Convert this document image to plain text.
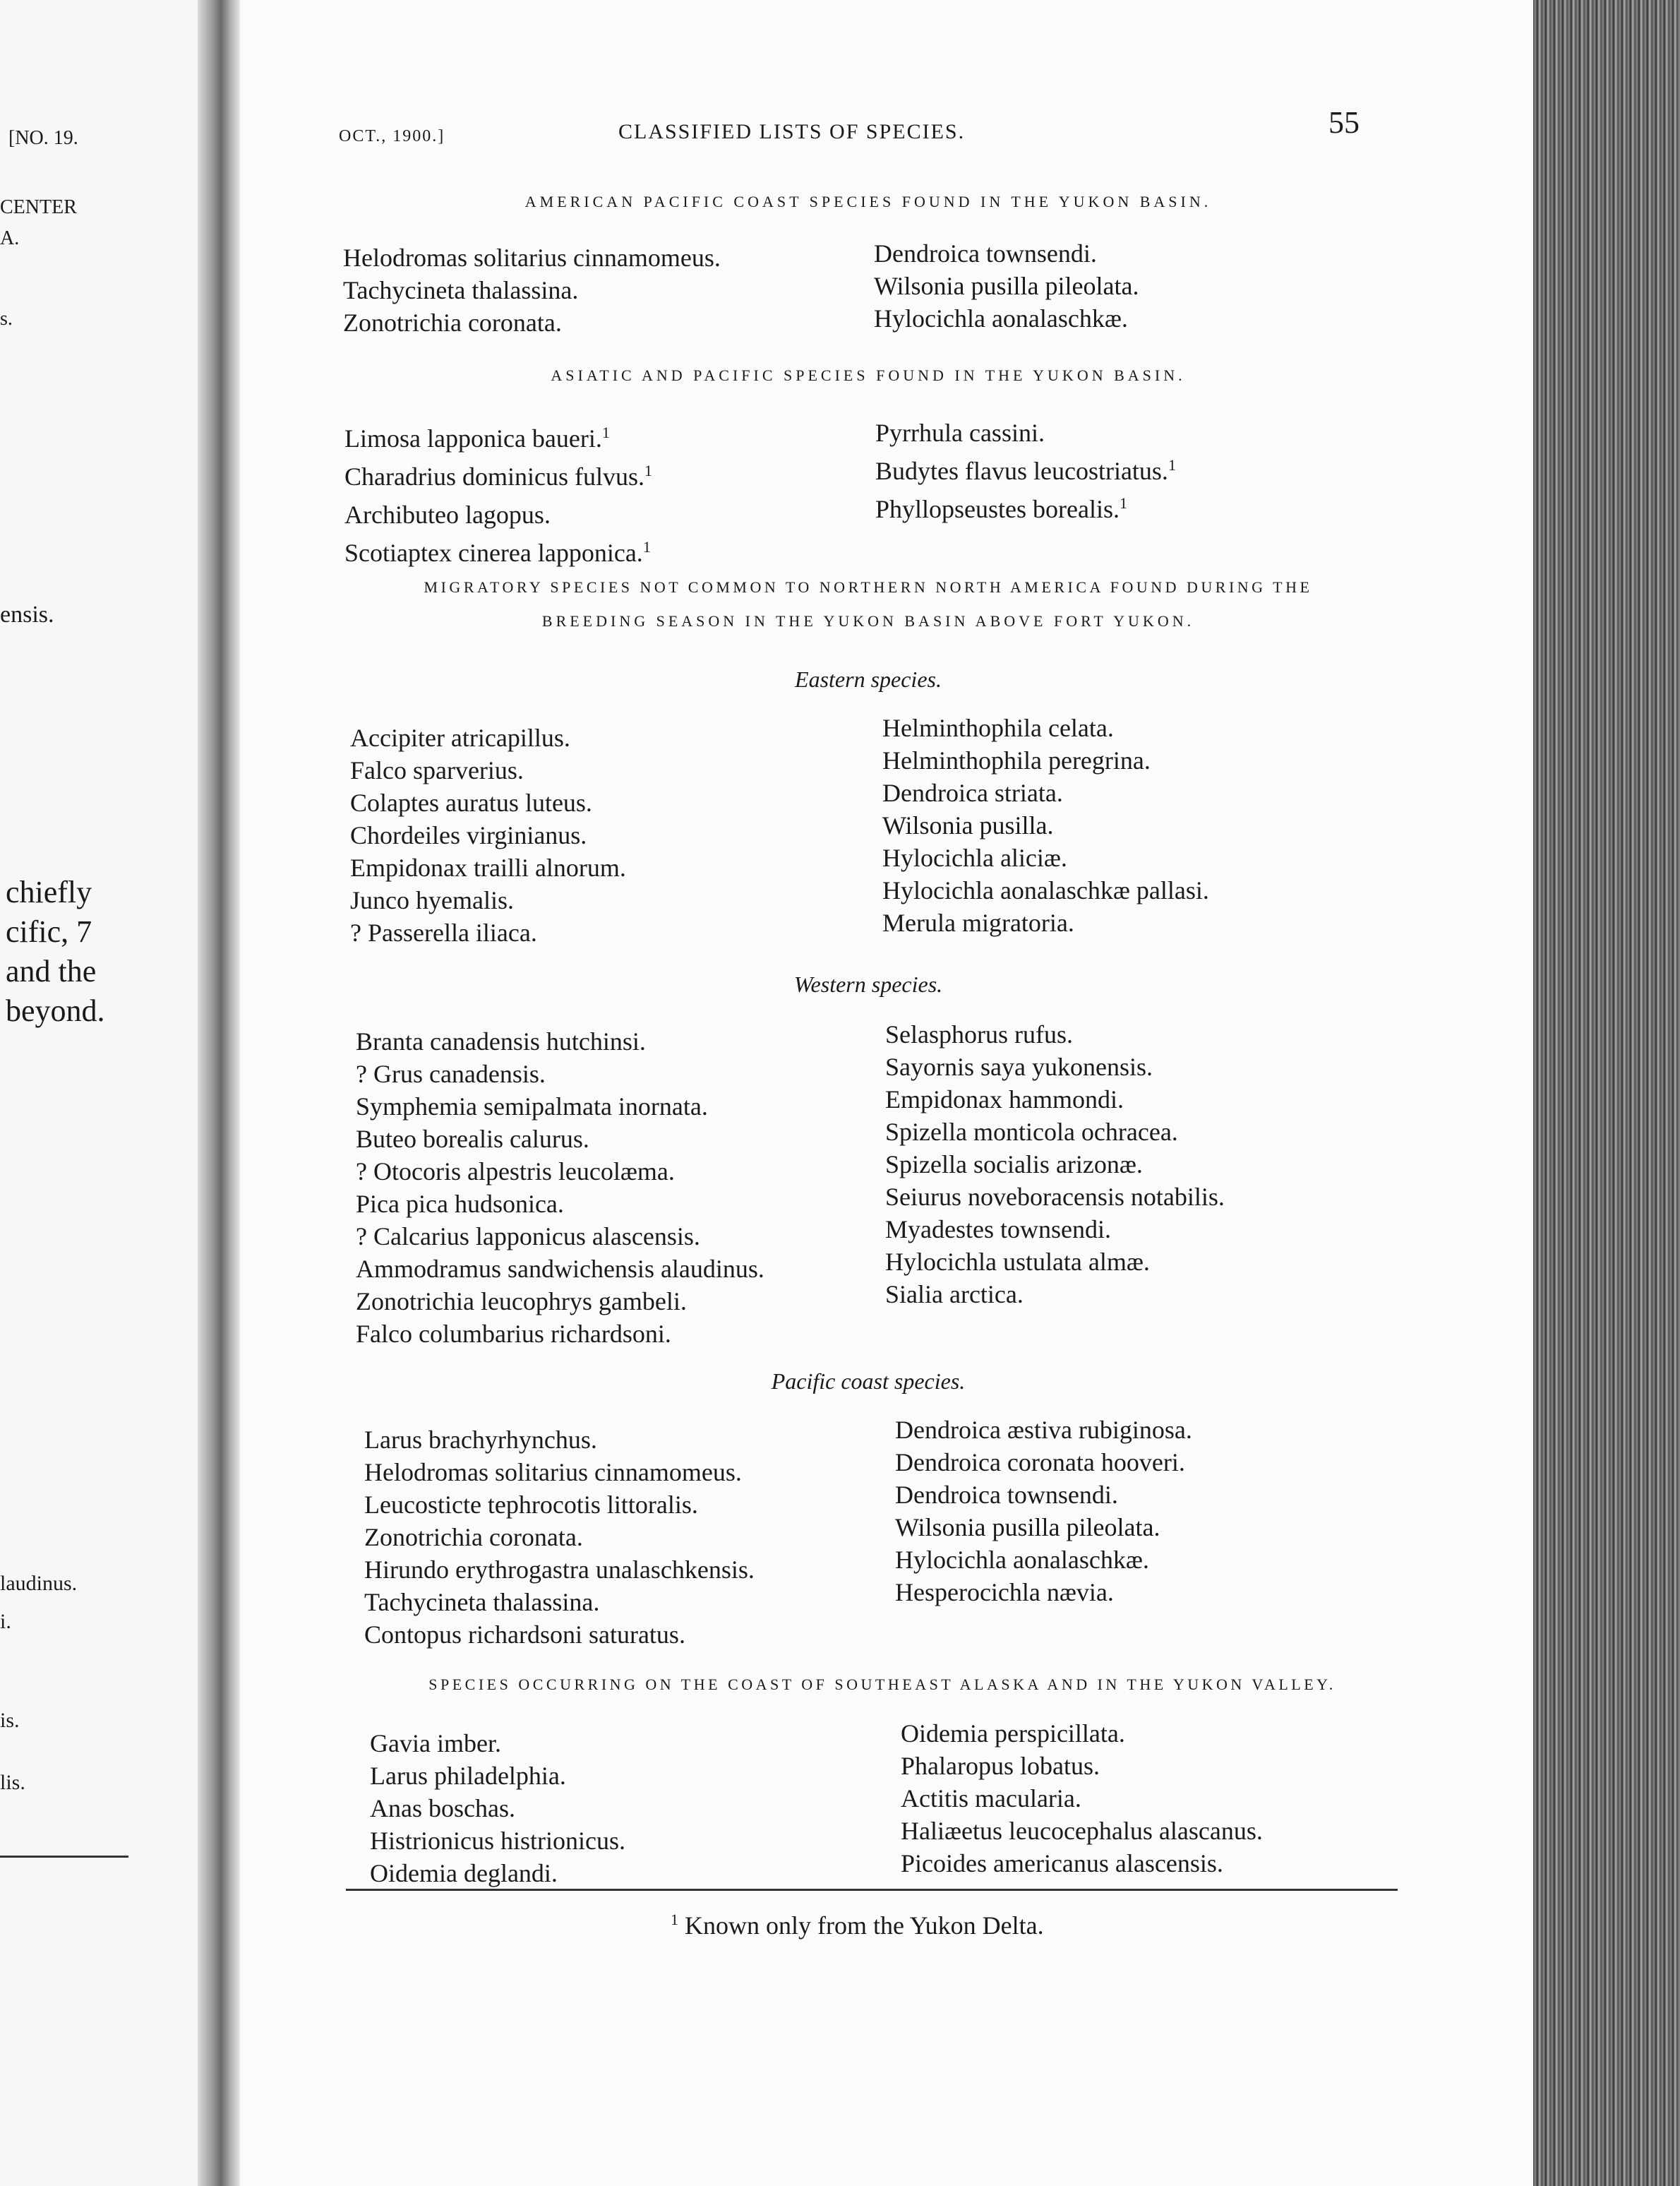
[NO. 19.
CENTER
A.
s.
ensis.
chiefly
cific, 7
and the
beyond.
laudinus.
i.
is.
lis.
OCT., 1900.]	CLASSIFIED LISTS OF SPECIES.	55
AMERICAN PACIFIC COAST SPECIES FOUND IN THE YUKON BASIN.
Helodromas solitarius cinnamomeus.
Tachycineta thalassina.
Zonotrichia coronata.
Dendroica townsendi.
Wilsonia pusilla pileolata.
Hylocichla aonalaschkæ.
ASIATIC AND PACIFIC SPECIES FOUND IN THE YUKON BASIN.
Limosa lapponica baueri.$^1$
Charadrius dominicus fulvus.$^1$
Archibuteo lagopus.
Scotiaptex cinerea lapponica.$^1$
Pyrrhula cassini.
Budytes flavus leucostriatus.$^1$
Phyllopseustes borealis.$^1$
MIGRATORY SPECIES NOT COMMON TO NORTHERN NORTH AMERICA FOUND DURING THE
BREEDING SEASON IN THE YUKON BASIN ABOVE FORT YUKON.
Eastern species.
Accipiter atricapillus.
Falco sparverius.
Colaptes auratus luteus.
Chordeiles virginianus.
Empidonax trailli alnorum.
Junco hyemalis.
? Passerella iliaca.
Helminthophila celata.
Helminthophila peregrina.
Dendroica striata.
Wilsonia pusilla.
Hylocichla aliciæ.
Hylocichla aonalaschkæ pallasi.
Merula migratoria.
Western species.
Branta canadensis hutchinsi.
? Grus canadensis.
Symphemia semipalmata inornata.
Buteo borealis calurus.
? Otocoris alpestris leucolæma.
Pica pica hudsonica.
? Calcarius lapponicus alascensis.
Ammodramus sandwichensis alaudinus.
Zonotrichia leucophrys gambeli.
Falco columbarius richardsoni.
Selasphorus rufus.
Sayornis saya yukonensis.
Empidonax hammondi.
Spizella monticola ochracea.
Spizella socialis arizonæ.
Seiurus noveboracensis notabilis.
Myadestes townsendi.
Hylocichla ustulata almæ.
Sialia arctica.
Pacific coast species.
Larus brachyrhynchus.
Helodromas solitarius cinnamomeus.
Leucosticte tephrocotis littoralis.
Zonotrichia coronata.
Hirundo erythrogastra unalaschkensis.
Tachycineta thalassina.
Contopus richardsoni saturatus.
Dendroica æstiva rubiginosa.
Dendroica coronata hooveri.
Dendroica townsendi.
Wilsonia pusilla pileolata.
Hylocichla aonalaschkæ.
Hesperocichla nævia.
SPECIES OCCURRING ON THE COAST OF SOUTHEAST ALASKA AND IN THE YUKON VALLEY.
Gavia imber.
Larus philadelphia.
Anas boschas.
Histrionicus histrionicus.
Oidemia deglandi.
Oidemia perspicillata.
Phalaropus lobatus.
Actitis macularia.
Haliæetus leucocephalus alascanus.
Picoides americanus alascensis.
$^1$ Known only from the Yukon Delta.
